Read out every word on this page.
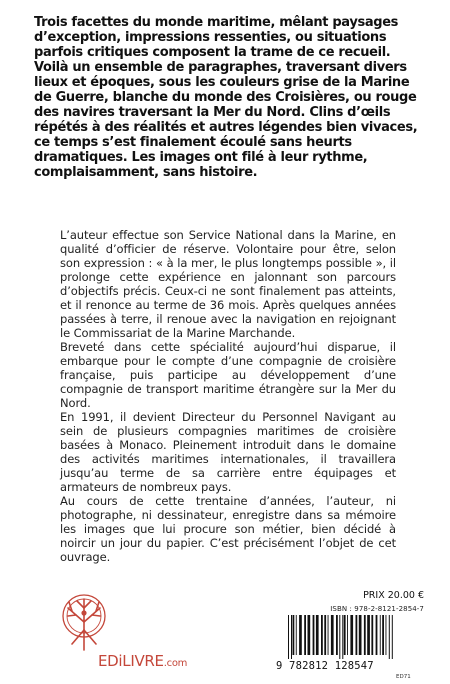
Trois facettes du monde maritime, mêlant paysages d’exception, impressions ressenties, ou situations parfois critiques composent la trame de ce recueil. Voilà un ensemble de paragraphes, traversant divers lieux et époques, sous les couleurs grise de la Marine de Guerre, blanche du monde des Croisières, ou rouge des navires traversant la Mer du Nord. Clins d’œils répétés à des réalités et autres légendes bien vivaces, ce temps s’est finalement écoulé sans heurts dramatiques. Les images ont filé à leur rythme, complaisamment, sans histoire.

L’auteur effectue son Service National dans la Marine, en qualité d’officier de réserve. Volontaire pour être, selon son expression : « à la mer, le plus longtemps possible », il prolonge cette expérience en jalonnant son parcours d’objectifs précis. Ceux-ci ne sont finalement pas atteints, et il renonce au terme de 36 mois. Après quelques années passées à terre, il renoue avec la navigation en rejoignant le Commissariat de la Marine Marchande.

Breveté dans cette spécialité aujourd’hui disparue, il embarque pour le compte d’une compagnie de croisière française, puis participe au développement d’une compagnie de transport maritime étrangère sur la Mer du Nord.

En 1991, il devient Directeur du Personnel Navigant au sein de plusieurs compagnies maritimes de croisière basées à Monaco. Pleinement introduit dans le domaine des activités maritimes internationales, il travaillera jusqu’au terme de sa carrière entre équipages et armateurs de nombreux pays.

Au cours de cette trentaine d’années, l’auteur, ni photographe, ni dessinateur, enregistre dans sa mémoire les images que lui procure son métier, bien décidé à noircir un jour du papier. C’est précisément l’objet de cet ouvrage.

EDiLIVRE.com
PRIX 20.00 €
ISBN : 978-2-8121-2854-7
9 782812 128547
ED71
